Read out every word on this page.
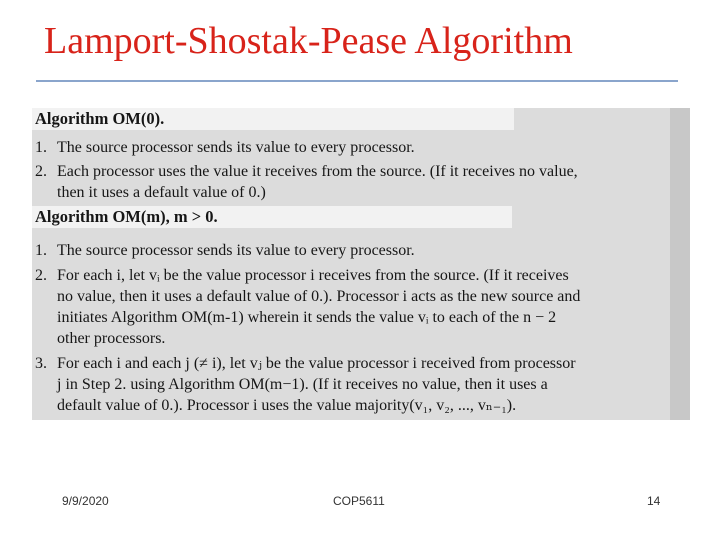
Lamport-Shostak-Pease Algorithm
Algorithm OM(0).
1. The source processor sends its value to every processor.
2. Each processor uses the value it receives from the source. (If it receives no value,
then it uses a default value of 0.)
Algorithm OM(m), m > 0.
1. The source processor sends its value to every processor.
2. For each i, let vᵢ be the value processor i receives from the source. (If it receives
no value, then it uses a default value of 0.). Processor i acts as the new source and
initiates Algorithm OM(m-1) wherein it sends the value vᵢ to each of the n − 2
other processors.
3. For each i and each j (≠ i), let vⱼ be the value processor i received from processor
j in Step 2. using Algorithm OM(m−1). (If it receives no value, then it uses a
default value of 0.). Processor i uses the value majority(v₁, v₂, ..., vₙ₋₁).
9/9/2020	COP5611	14
